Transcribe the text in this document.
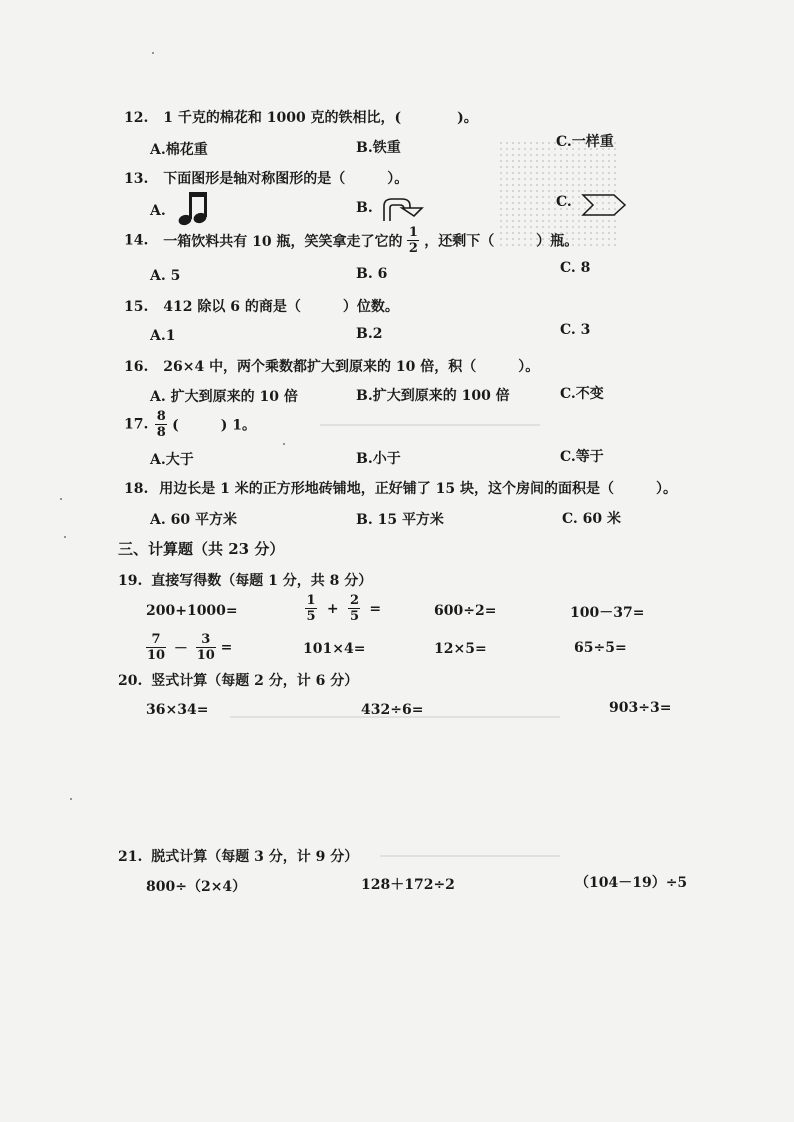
12. 1 千克的棉花和 1000 克的铁相比，(　　　　)。
A.棉花重	B.铁重	C.一样重
13. 下面图形是轴对称图形的是（　　　）。
A.	B.	C.
14. 一箱饮料共有 10 瓶，笑笑拿走了它的 $\frac{1}{2}$ ，还剩下（　　　）瓶。
A. 5	B. 6	C. 8
15. 412 除以 6 的商是（　　　）位数。
A.1	B.2	C. 3
16. 26×4 中，两个乘数都扩大到原来的 10 倍，积（　　　）。
A. 扩大到原来的 10 倍	B.扩大到原来的 100 倍	C.不变
17. $\frac{8}{8}$ (　　　) 1。
A.大于	B.小于	C.等于
18. 用边长是 1 米的正方形地砖铺地，正好铺了 15 块，这个房间的面积是（　　　）。
A. 60 平方米	B. 15 平方米	C. 60 米
三、计算题（共 23 分）
19. 直接写得数（每题 1 分，共 8 分）
200+1000=	$\frac{1}{5} + \frac{2}{5}$ =	600÷2=	100－37=
$\frac{7}{10} - \frac{3}{10}$ =	101×4=	12×5=	65÷5=
20. 竖式计算（每题 2 分，计 6 分）
36×34=	432÷6=	903÷3=
21. 脱式计算（每题 3 分，计 9 分）
800÷（2×4）	128＋172÷2	（104－19）÷5
